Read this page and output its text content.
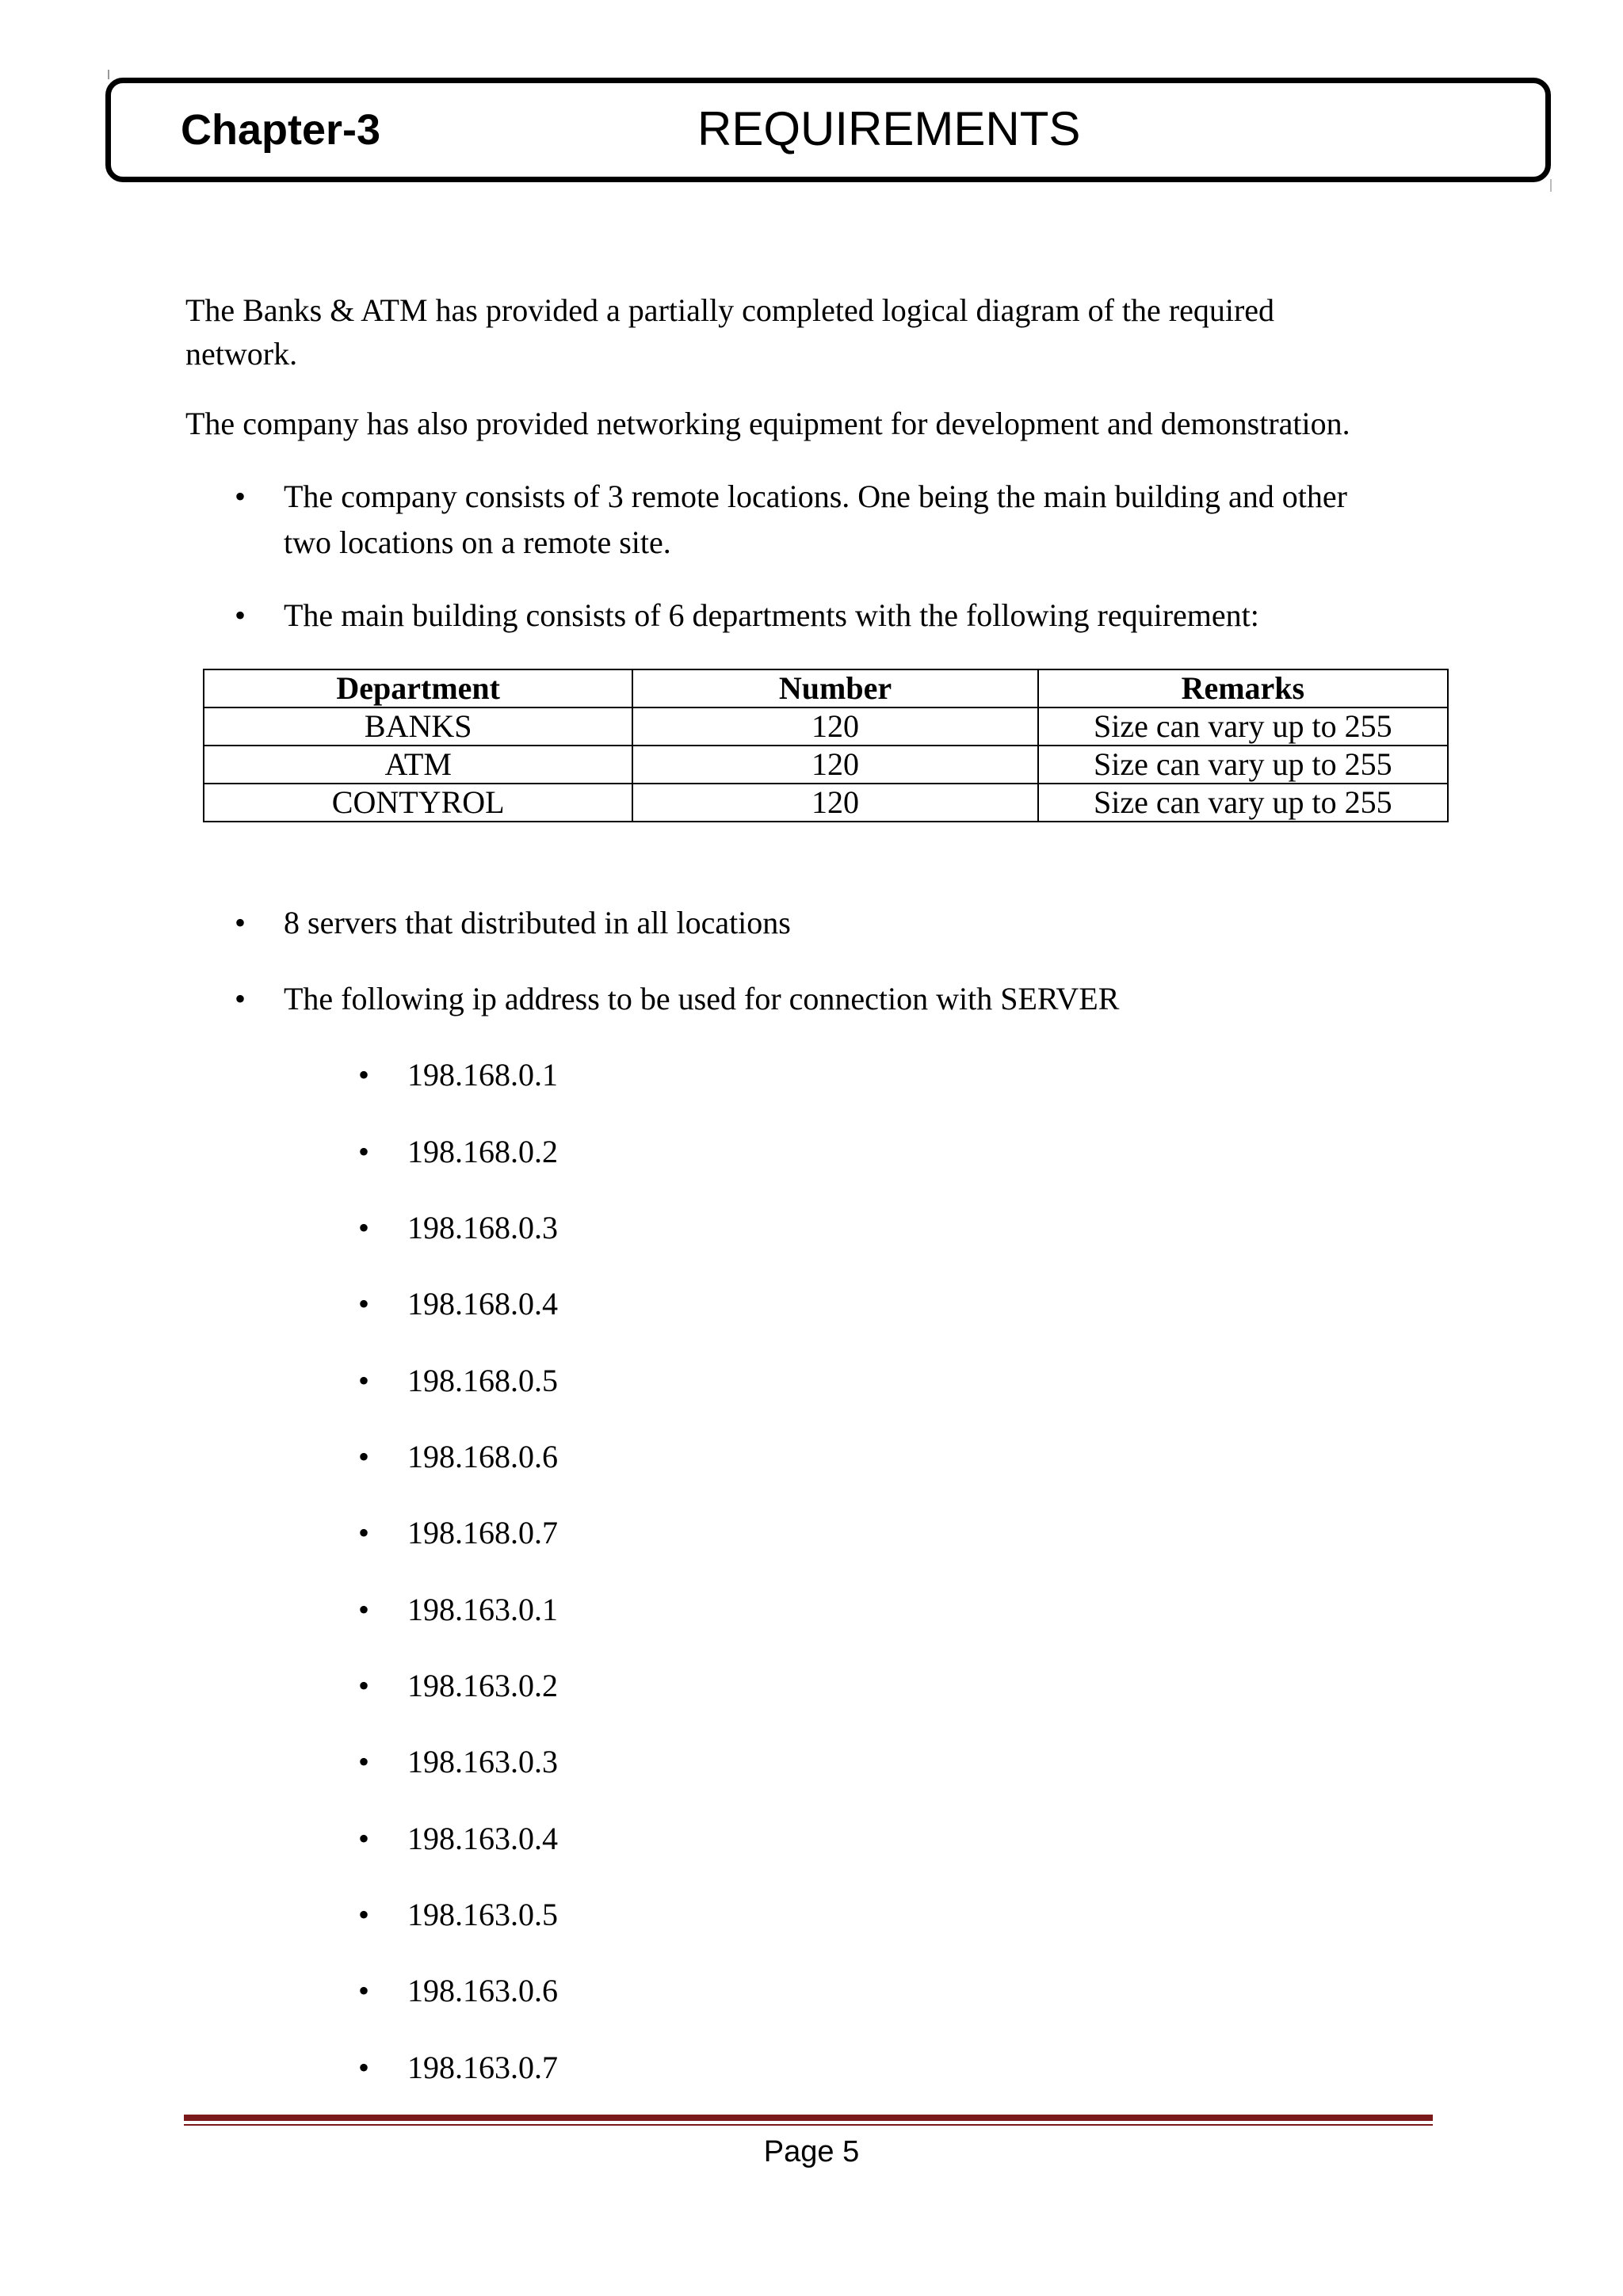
Chapter-3	REQUIREMENTS
The Banks & ATM has provided a partially completed logical diagram of the required
network.
The company has also provided networking equipment for development and demonstration.
• The company consists of 3 remote locations. One being the main building and other
two locations on a remote site.
• The main building consists of 6 departments with the following requirement:
Department	Number	Remarks
BANKS	120	Size can vary up to 255
ATM	120	Size can vary up to 255
CONTYROL	120	Size can vary up to 255
• 8 servers that distributed in all locations
• The following ip address to be used for connection with SERVER
• 198.168.0.1
• 198.168.0.2
• 198.168.0.3
• 198.168.0.4
• 198.168.0.5
• 198.168.0.6
• 198.168.0.7
• 198.163.0.1
• 198.163.0.2
• 198.163.0.3
• 198.163.0.4
• 198.163.0.5
• 198.163.0.6
• 198.163.0.7
Page 5
